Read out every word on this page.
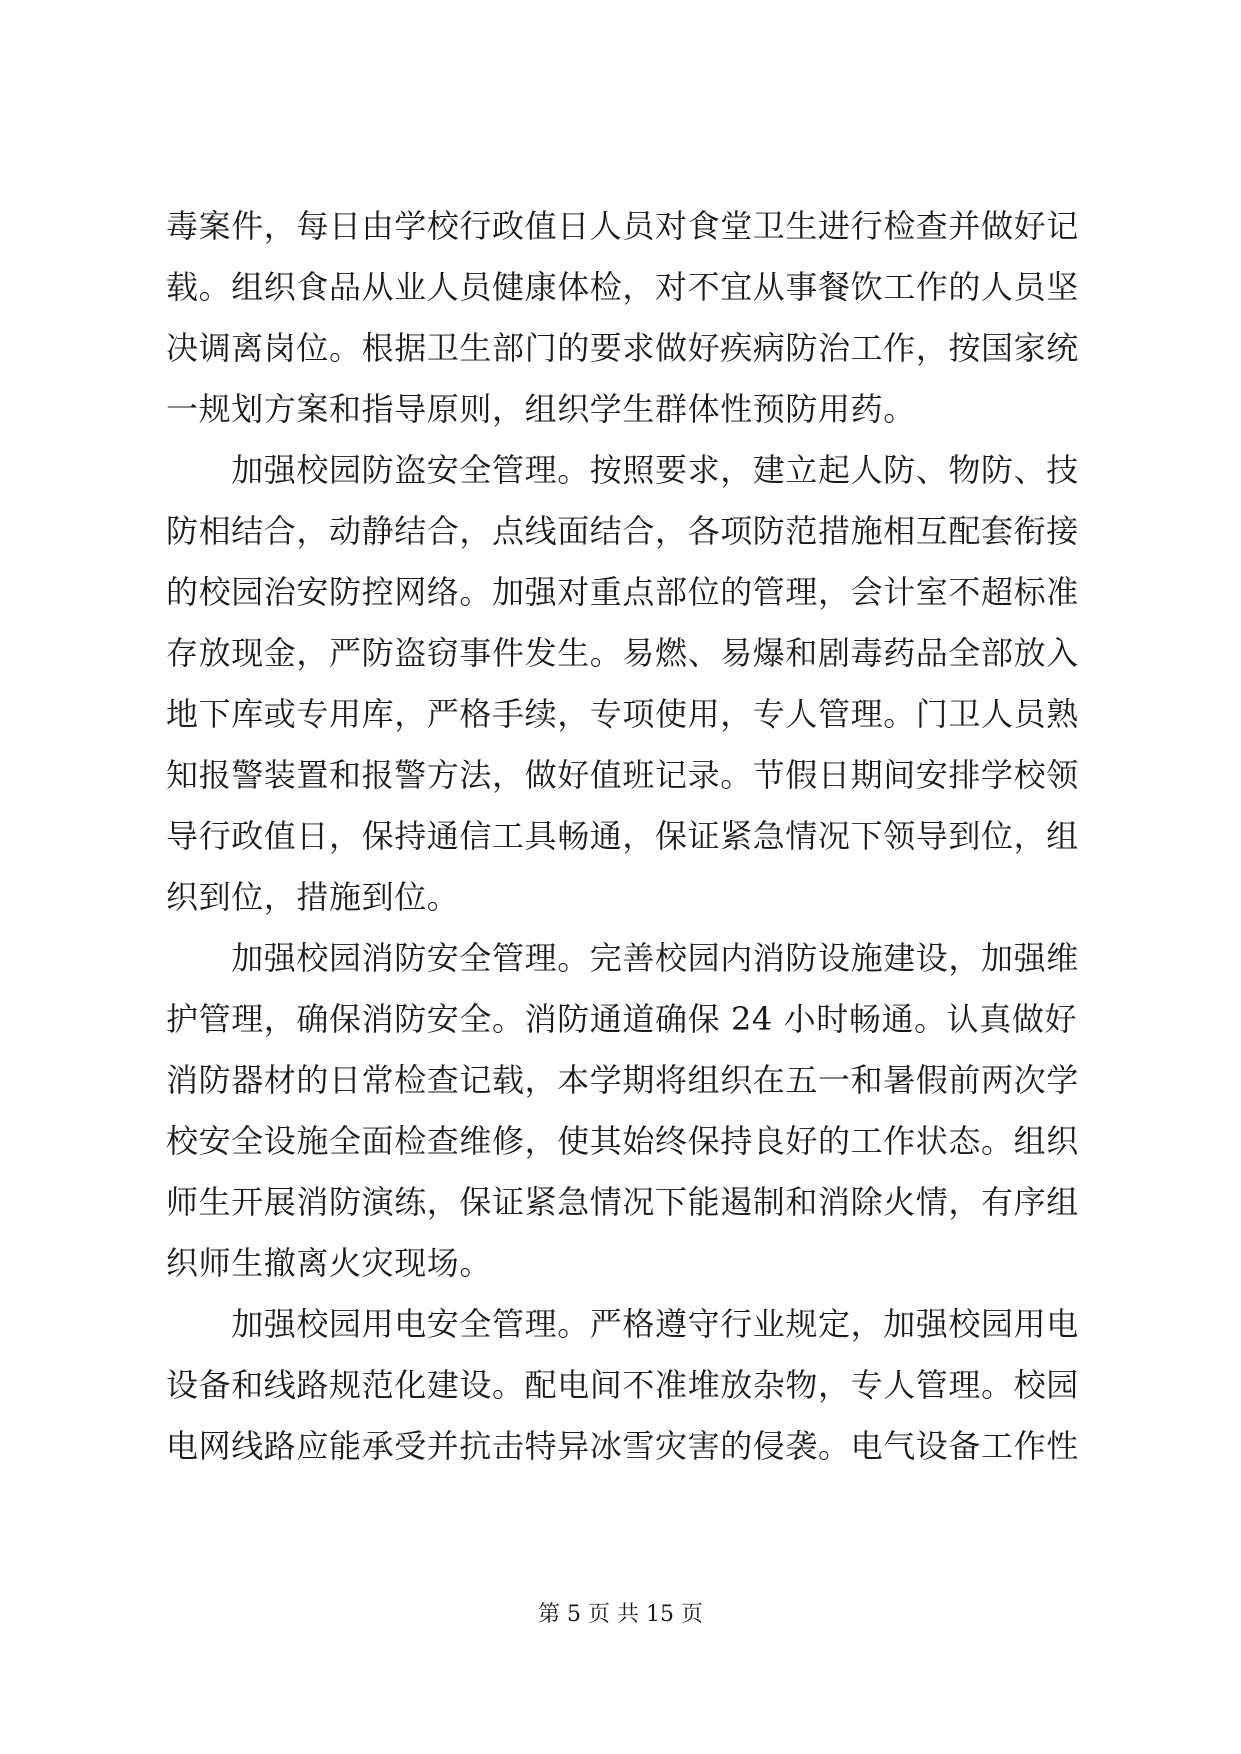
毒案件，每日由学校行政值日人员对食堂卫生进行检查并做好记
载。组织食品从业人员健康体检，对不宜从事餐饮工作的人员坚
决调离岗位。根据卫生部门的要求做好疾病防治工作，按国家统
一规划方案和指导原则，组织学生群体性预防用药。
　　加强校园防盗安全管理。按照要求，建立起人防、物防、技
防相结合，动静结合，点线面结合，各项防范措施相互配套衔接
的校园治安防控网络。加强对重点部位的管理，会计室不超标准
存放现金，严防盗窃事件发生。易燃、易爆和剧毒药品全部放入
地下库或专用库，严格手续，专项使用，专人管理。门卫人员熟
知报警装置和报警方法，做好值班记录。节假日期间安排学校领
导行政值日，保持通信工具畅通，保证紧急情况下领导到位，组
织到位，措施到位。
　　加强校园消防安全管理。完善校园内消防设施建设，加强维
护管理，确保消防安全。消防通道确保 24 小时畅通。认真做好
消防器材的日常检查记载，本学期将组织在五一和暑假前两次学
校安全设施全面检查维修，使其始终保持良好的工作状态。组织
师生开展消防演练，保证紧急情况下能遏制和消除火情，有序组
织师生撤离火灾现场。
　　加强校园用电安全管理。严格遵守行业规定，加强校园用电
设备和线路规范化建设。配电间不准堆放杂物，专人管理。校园
电网线路应能承受并抗击特异冰雪灾害的侵袭。电气设备工作性
第 5 页 共 15 页
